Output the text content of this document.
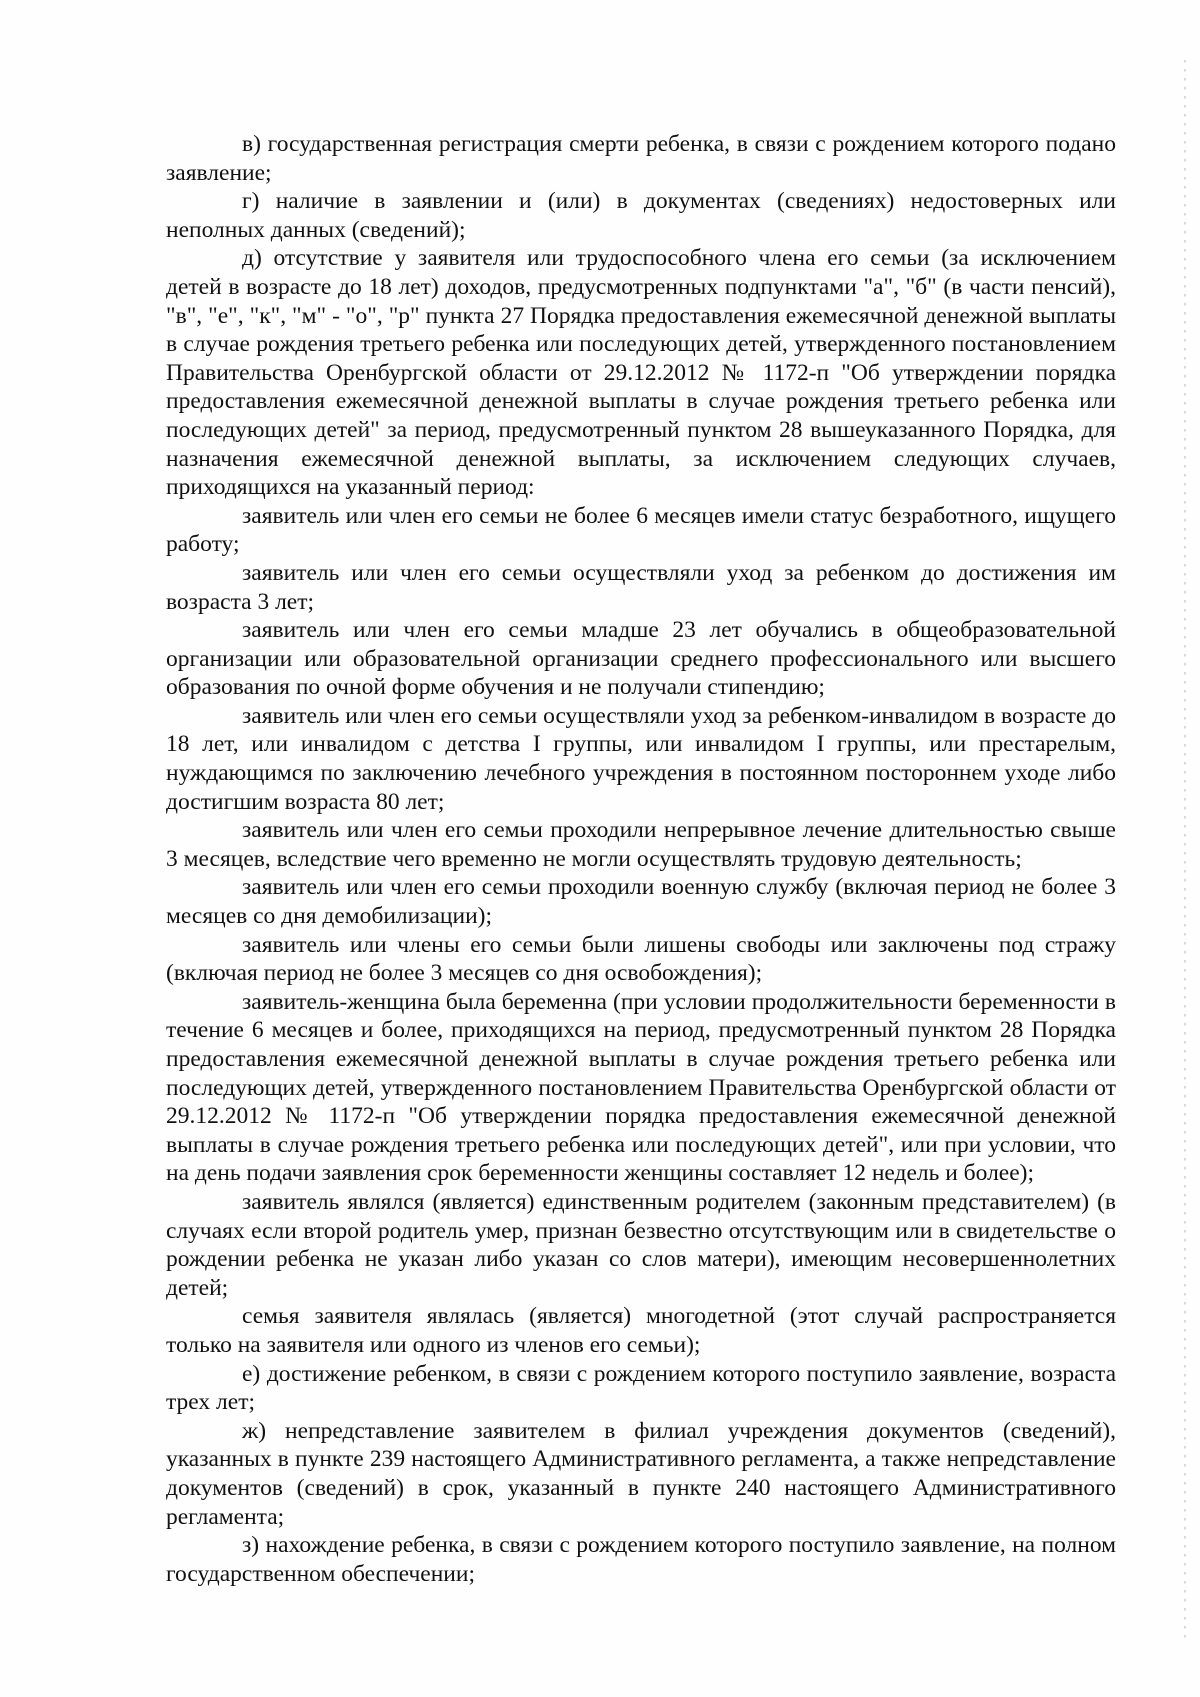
в) государственная регистрация смерти ребенка, в связи с рождением которого подано заявление;

г) наличие в заявлении и (или) в документах (сведениях) недостоверных или неполных данных (сведений);

д) отсутствие у заявителя или трудоспособного члена его семьи (за исключением детей в возрасте до 18 лет) доходов, предусмотренных подпунктами "а", "б" (в части пенсий), "в", "е", "к", "м" - "о", "р" пункта 27 Порядка предоставления ежемесячной денежной выплаты в случае рождения третьего ребенка или последующих детей, утвержденного постановлением Правительства Оренбургской области от 29.12.2012 № 1172-п "Об утверждении порядка предоставления ежемесячной денежной выплаты в случае рождения третьего ребенка или последующих детей" за период, предусмотренный пунктом 28 вышеуказанного Порядка, для назначения ежемесячной денежной выплаты, за исключением следующих случаев, приходящихся на указанный период:

заявитель или член его семьи не более 6 месяцев имели статус безработного, ищущего работу;

заявитель или член его семьи осуществляли уход за ребенком до достижения им возраста 3 лет;

заявитель или член его семьи младше 23 лет обучались в общеобразовательной организации или образовательной организации среднего профессионального или высшего образования по очной форме обучения и не получали стипендию;

заявитель или член его семьи осуществляли уход за ребенком-инвалидом в возрасте до 18 лет, или инвалидом с детства I группы, или инвалидом I группы, или престарелым, нуждающимся по заключению лечебного учреждения в постоянном постороннем уходе либо достигшим возраста 80 лет;

заявитель или член его семьи проходили непрерывное лечение длительностью свыше 3 месяцев, вследствие чего временно не могли осуществлять трудовую деятельность;

заявитель или член его семьи проходили военную службу (включая период не более 3 месяцев со дня демобилизации);

заявитель или члены его семьи были лишены свободы или заключены под стражу (включая период не более 3 месяцев со дня освобождения);

заявитель-женщина была беременна (при условии продолжительности беременности в течение 6 месяцев и более, приходящихся на период, предусмотренный пунктом 28 Порядка предоставления ежемесячной денежной выплаты в случае рождения третьего ребенка или последующих детей, утвержденного постановлением Правительства Оренбургской области от 29.12.2012 № 1172-п "Об утверждении порядка предоставления ежемесячной денежной выплаты в случае рождения третьего ребенка или последующих детей", или при условии, что на день подачи заявления срок беременности женщины составляет 12 недель и более);

заявитель являлся (является) единственным родителем (законным представителем) (в случаях если второй родитель умер, признан безвестно отсутствующим или в свидетельстве о рождении ребенка не указан либо указан со слов матери), имеющим несовершеннолетних детей;

семья заявителя являлась (является) многодетной (этот случай распространяется только на заявителя или одного из членов его семьи);

е) достижение ребенком, в связи с рождением которого поступило заявление, возраста трех лет;

ж) непредставление заявителем в филиал учреждения документов (сведений), указанных в пункте 239 настоящего Административного регламента, а также непредставление документов (сведений) в срок, указанный в пункте 240 настоящего Административного регламента;

з) нахождение ребенка, в связи с рождением которого поступило заявление, на полном государственном обеспечении;
